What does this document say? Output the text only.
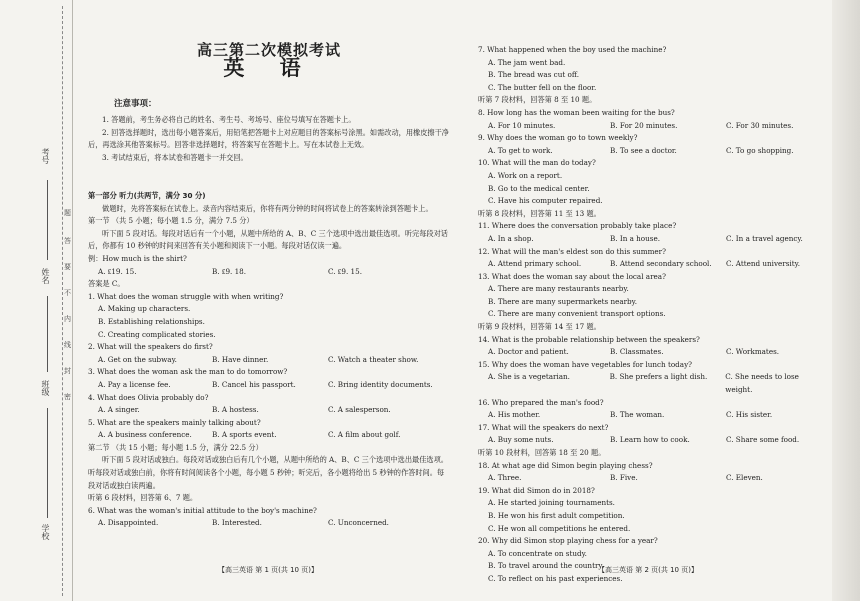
考号
姓名
班级
学校
题
答
要
不
内
线
封
密
高三第二次模拟考试
英 语
注意事项：

1. 答题前，考生务必将自己的姓名、考生号、考场号、座位号填写在答题卡上。

2. 回答选择题时，选出每小题答案后，用铅笔把答题卡上对应题目的答案标号涂黑。如需改动，用橡皮擦干净后，再选涂其他答案标号。回答非选择题时，将答案写在答题卡上。写在本试卷上无效。

3. 考试结束后，将本试卷和答题卡一并交回。

第一部分 听力(共两节，满分 30 分)

做题时，先将答案标在试卷上。录音内容结束后，你将有两分钟的时间将试卷上的答案转涂到答题卡上。

第一节 （共 5 小题；每小题 1.5 分，满分 7.5 分）

听下面 5 段对话。每段对话后有一个小题，从题中所给的 A、B、C 三个选项中选出最佳选项。听完每段对话后，你都有 10 秒钟的时间来回答有关小题和阅读下一小题。每段对话仅读一遍。

例：How much is the shirt?

A. ₤19. 15.	B. ₤9. 18.	C. ₤9. 15.

答案是 C。

1. What does the woman struggle with when writing?

A. Making up characters.

B. Establishing relationships.

C. Creating complicated stories.

2. What will the speakers do first?

A. Get on the subway.	B. Have dinner.	C. Watch a theater show.

3. What does the woman ask the man to do tomorrow?

A. Pay a license fee.	B. Cancel his passport.	C. Bring identity documents.

4. What does Olivia probably do?

A. A singer.	B. A hostess.	C. A salesperson.

5. What are the speakers mainly talking about?

A. A business conference.	B. A sports event.	C. A film about golf.

第二节 （共 15 小题；每小题 1.5 分，满分 22.5 分）

听下面 5 段对话或独白。每段对话或独白后有几个小题，从题中所给的 A、B、C 三个选项中选出最佳选项。听每段对话或独白前，你将有时间阅读各个小题，每小题 5 秒钟；听完后，各小题将给出 5 秒钟的作答时间。每段对话或独白读两遍。

听第 6 段材料，回答第 6、7 题。

6. What was the woman's initial attitude to the boy's machine?

A. Disappointed.	B. Interested.	C. Unconcerned.
【高三英语 第 1 页(共 10 页)】

7. What happened when the boy used the machine?

A. The jam went bad.

B. The bread was cut off.

C. The butter fell on the floor.

听第 7 段材料，回答第 8 至 10 题。

8. How long has the woman been waiting for the bus?

A. For 10 minutes.	B. For 20 minutes.	C. For 30 minutes.

9. Why does the woman go to town weekly?

A. To get to work.	B. To see a doctor.	C. To go shopping.

10. What will the man do today?

A. Work on a report.

B. Go to the medical center.

C. Have his computer repaired.

听第 8 段材料，回答第 11 至 13 题。

11. Where does the conversation probably take place?

A. In a shop.	B. In a house.	C. In a travel agency.

12. What will the man's eldest son do this summer?

A. Attend primary school.	B. Attend secondary school.	C. Attend university.

13. What does the woman say about the local area?

A. There are many restaurants nearby.

B. There are many supermarkets nearby.

C. There are many convenient transport options.

听第 9 段材料，回答第 14 至 17 题。

14. What is the probable relationship between the speakers?

A. Doctor and patient.	B. Classmates.	C. Workmates.

15. Why does the woman have vegetables for lunch today?

A. She is a vegetarian.	B. She prefers a light dish.	C. She needs to lose weight.

16. Who prepared the man's food?

A. His mother.	B. The woman.	C. His sister.

17. What will the speakers do next?

A. Buy some nuts.	B. Learn how to cook.	C. Share some food.

听第 10 段材料，回答第 18 至 20 题。

18. At what age did Simon begin playing chess?

A. Three.	B. Five.	C. Eleven.

19. What did Simon do in 2018?

A. He started joining tournaments.

B. He won his first adult competition.

C. He won all competitions he entered.

20. Why did Simon stop playing chess for a year?

A. To concentrate on study.

B. To travel around the country.

C. To reflect on his past experiences.

【高三英语 第 2 页(共 10 页)】
